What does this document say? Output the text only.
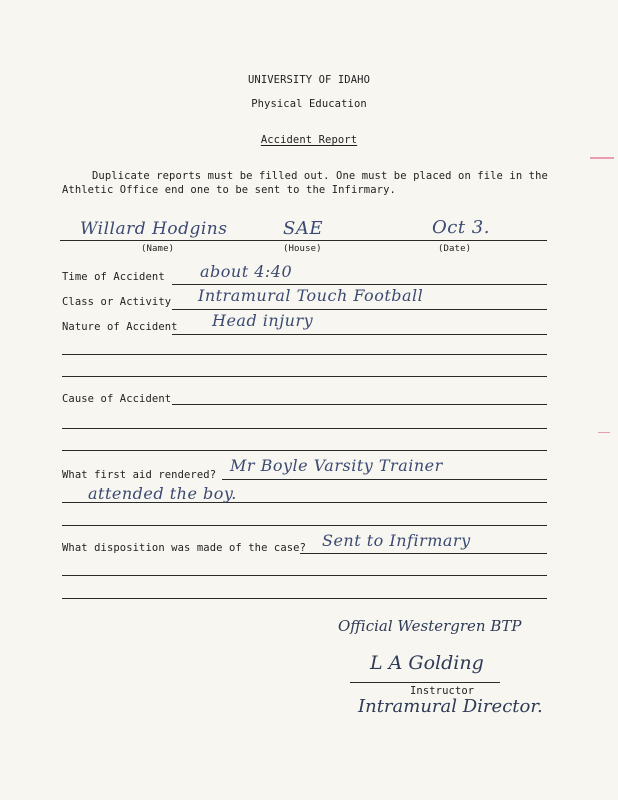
UNIVERSITY OF IDAHO
Physical Education
Accident Report
Duplicate reports must be filled out. One must be placed on file in the
Athletic Office end one to be sent to the Infirmary.
Willard Hodgins	SAE	Oct 3.
(Name)	(House)	(Date)
Time of Accident about 4:40
Class or Activity Intramural Touch Football
Nature of Accident Head injury
Cause of Accident
What first aid rendered? Mr Boyle Varsity Trainer
attended the boy.
What disposition was made of the case? Sent to Infirmary
Official Westergren BTP
L A Golding
Instructor
Intramural Director.
